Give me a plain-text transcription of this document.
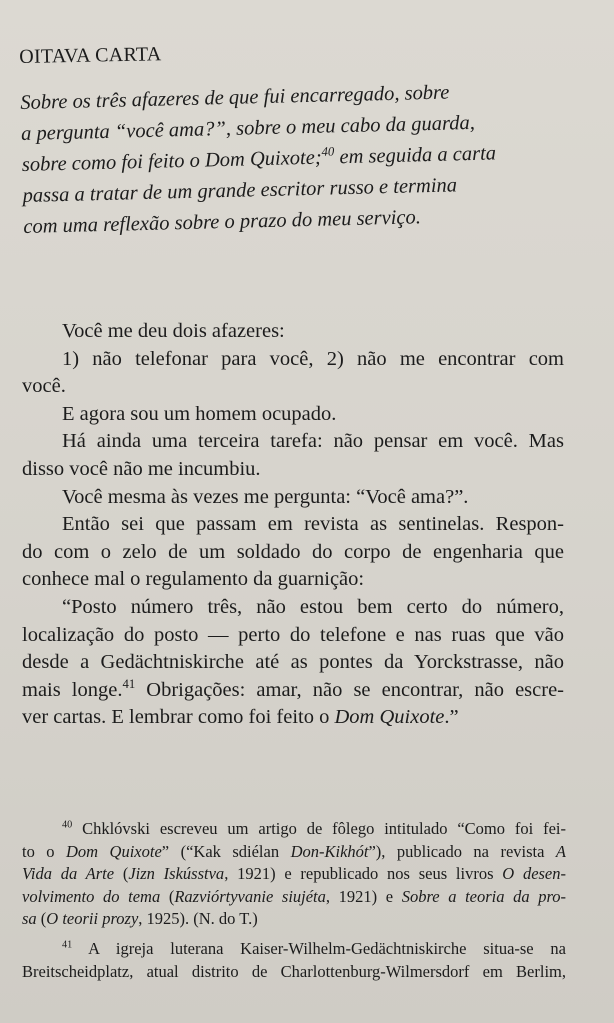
OITAVA CARTA
Sobre os três afazeres de que fui encarregado, sobre
a pergunta “você ama?”, sobre o meu cabo da guarda,
sobre como foi feito o Dom Quixote;$^{40}$ em seguida a carta
passa a tratar de um grande escritor russo e termina
com uma reflexão sobre o prazo do meu serviço.
Você me deu dois afazeres:
1) não telefonar para você, 2) não me encontrar com
você.
E agora sou um homem ocupado.
Há ainda uma terceira tarefa: não pensar em você. Mas
disso você não me incumbiu.
Você mesma às vezes me pergunta: “Você ama?”.
Então sei que passam em revista as sentinelas. Respon-
do com o zelo de um soldado do corpo de engenharia que
conhece mal o regulamento da guarnição:
“Posto número três, não estou bem certo do número,
localização do posto — perto do telefone e nas ruas que vão
desde a Gedächtniskirche até as pontes da Yorckstrasse, não
mais longe.$^{41}$ Obrigações: amar, não se encontrar, não escre-
ver cartas. E lembrar como foi feito o Dom Quixote.”
$^{40}$ Chklóvski escreveu um artigo de fôlego intitulado “Como foi fei-
to o Dom Quixote” (“Kak sdiélan Don-Kikhót”), publicado na revista A
Vida da Arte (Jizn Iskússtva, 1921) e republicado nos seus livros O desen-
volvimento do tema (Razviórtyvanie siujéta, 1921) e Sobre a teoria da pro-
sa (O teorii prozy, 1925). (N. do T.)
$^{41}$ A igreja luterana Kaiser-Wilhelm-Gedächtniskirche situa-se na
Breitscheidplatz, atual distrito de Charlottenburg-Wilmersdorf em Berlim,
